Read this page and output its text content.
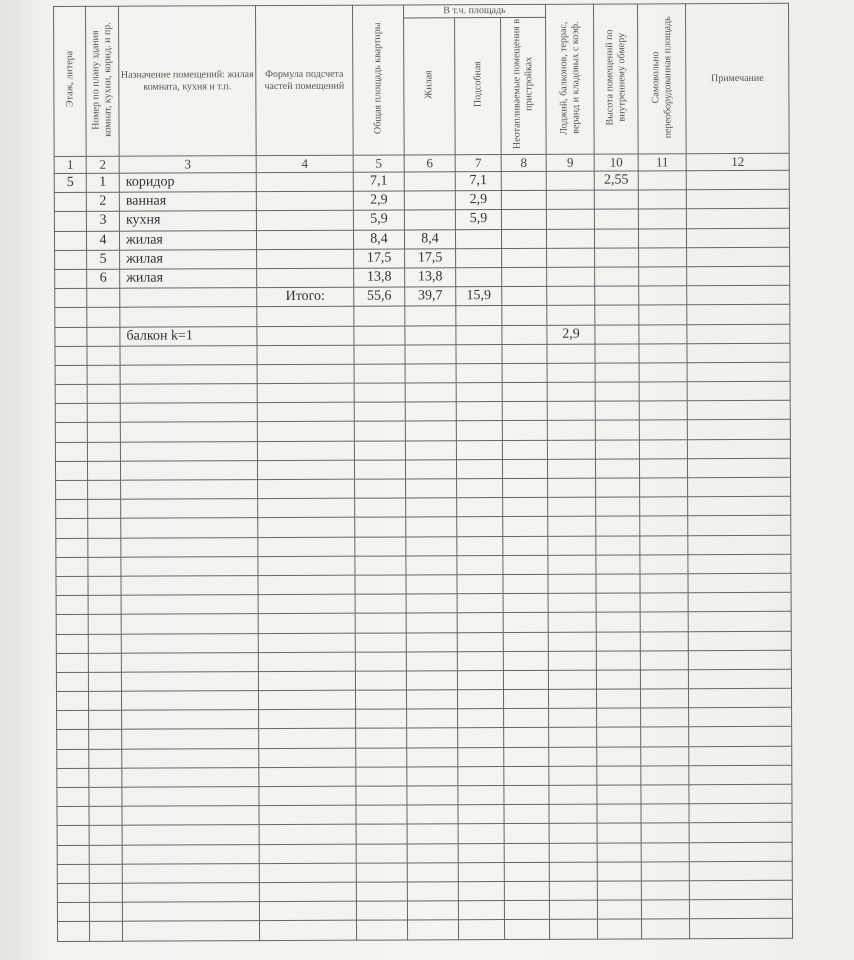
Этаж, литера	Номер по плану здания комнат, кухни, корид. и пр.	Назначение помещений: жилая комната, кухня и т.п.	Формула подсчета частей помещений	Общая площадь квартиры	В т.ч. площадь			Лоджий, балконов, террас, веранд и кладовых с коэф.	Высота помещений по внутреннему обмеру	Самовольно переоборудованная площадь	Примечание
					Жилая	Подсобная	Неотапливаемые помещения в пристройках				
1	2	3	4	5	6	7	8	9	10	11	12
5	1	коридор		7,1		7,1			2,55		
	2	ванная		2,9		2,9					
	3	кухня		5,9		5,9					
	4	жилая		8,4	8,4						
	5	жилая		17,5	17,5						
	6	жилая		13,8	13,8						
			Итого:	55,6	39,7	15,9					

		балкон k=1						2,9			
